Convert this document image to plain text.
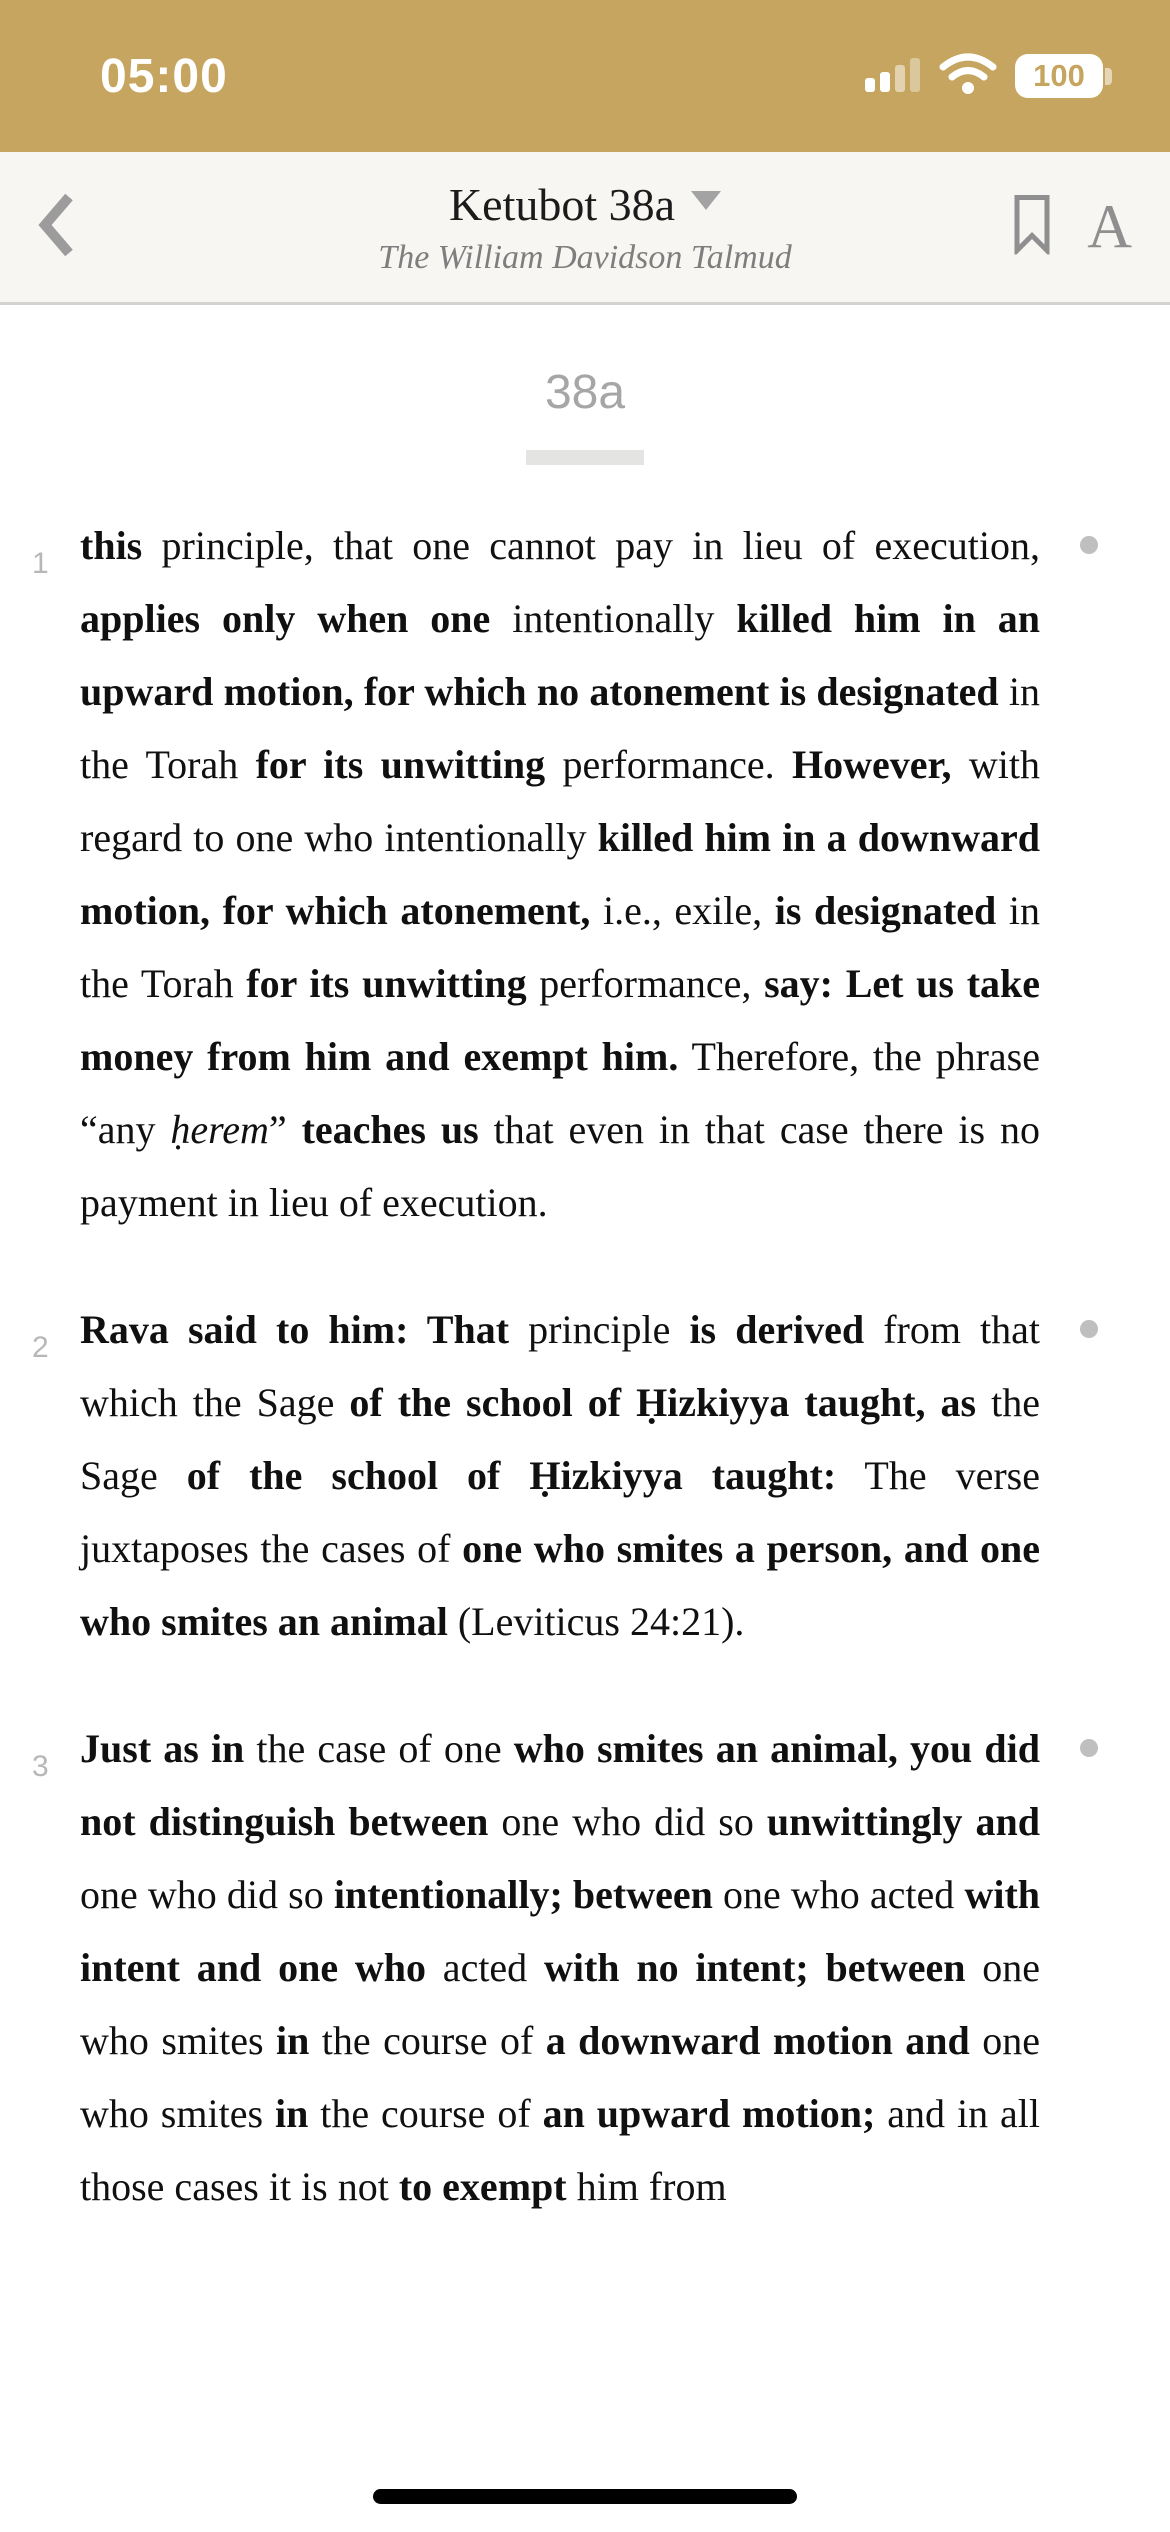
05:00	100
Ketubot 38a
The William Davidson Talmud	A
38a

1 this principle, that one cannot pay in lieu of execution, applies only when one intentionally killed him in an upward motion, for which no atonement is designated in the Torah for its unwitting performance. However, with regard to one who intentionally killed him in a downward motion, for which atonement, i.e., exile, is designated in the Torah for its unwitting performance, say: Let us take money from him and exempt him. Therefore, the phrase “any ḥerem” teaches us that even in that case there is no payment in lieu of execution.

2 Rava said to him: That principle is derived from that which the Sage of the school of Ḥizkiyya taught, as the Sage of the school of Ḥizkiyya taught: The verse juxtaposes the cases of one who smites a person, and one who smites an animal (Leviticus 24:21).

3 Just as in the case of one who smites an animal, you did not distinguish between one who did so unwittingly and one who did so intentionally; between one who acted with intent and one who acted with no intent; between one who smites in the course of a downward motion and one who smites in the course of an upward motion; and in all those cases it is not to exempt him from
